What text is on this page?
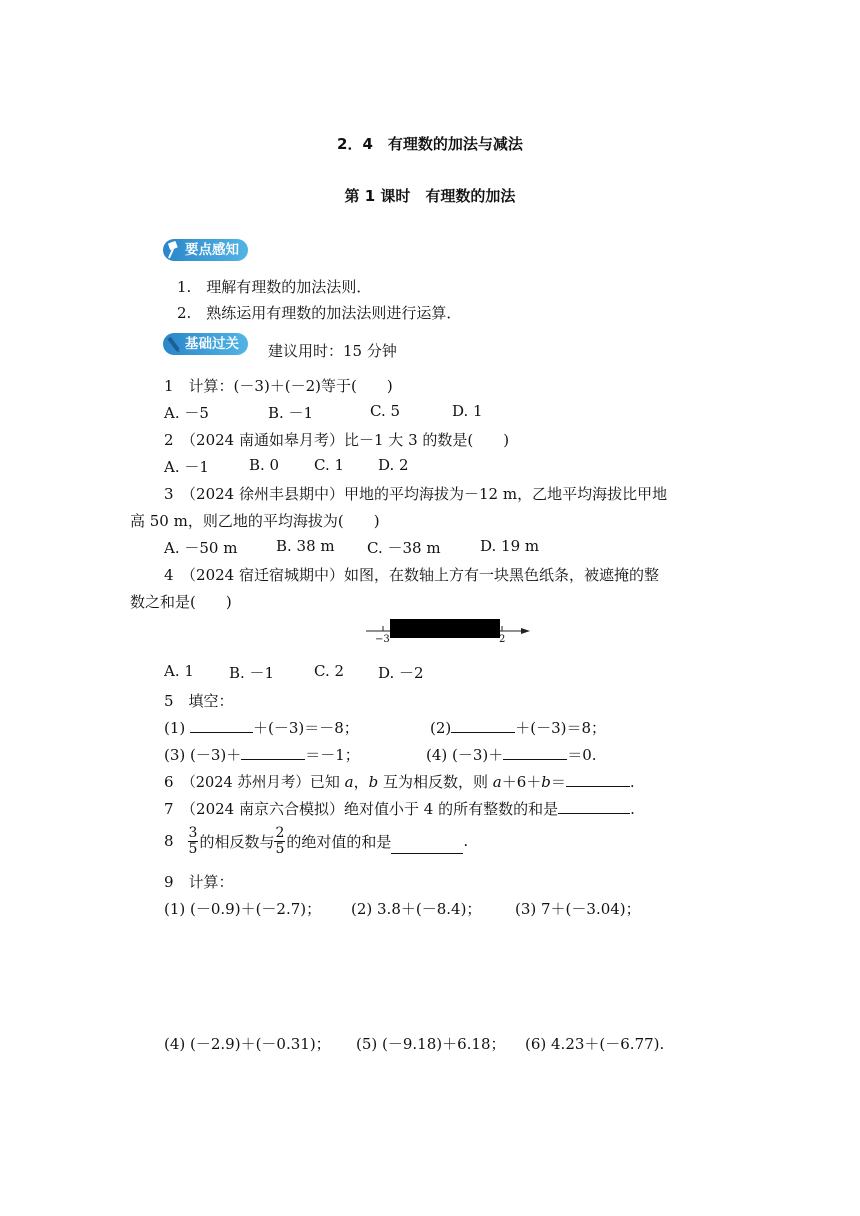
2．4　有理数的加法与减法
第 1 课时　有理数的加法
要点感知
1.　理解有理数的加法法则．
2.　熟练运用有理数的加法法则进行运算．
基础过关	建议用时：15 分钟
1　计算：(－3)＋(－2)等于(　　)
A. －5	B. －1	C. 5	D. 1
2　（2024 南通如皋月考）比－1 大 3 的数是(　　)
A. －1	B. 0 C. 1 D. 2
3　（2024 徐州丰县期中）甲地的平均海拔为－12 m，乙地平均海拔比甲地
高 50 m，则乙地的平均海拔为(　　)
A. －50 m	B. 38 m C. －38 m	D. 19 m
4　（2024 宿迁宿城期中）如图，在数轴上方有一块黑色纸条，被遮掩的整
数之和是(　　)
−3	2
A. 1 B. －1	C. 2 D. －2
5　填空：
(1)	＋(－3)＝－8；	(2)	＋(－3)＝8；
(3) (－3)＋	＝－1；	(4) (－3)＋	＝0.
6　 （2024 苏州月考）已知 a，b 互为相反数，则 a＋6＋b＝	.
7　（2024 南京六合模拟）绝对值小于 4 的所有整数的和是	.
$8 \frac{3}{5}$ 的相反数与 $\frac{2}{5}$ 的绝对值的和是	.
9　计算：
(1) (－0.9)＋(－2.7)； (2) 3.8＋(－8.4)； (3) 7＋(－3.04)；
(4) (－2.9)＋(－0.31)； (5) (－9.18)＋6.18； (6) 4.23＋(－6.77).
